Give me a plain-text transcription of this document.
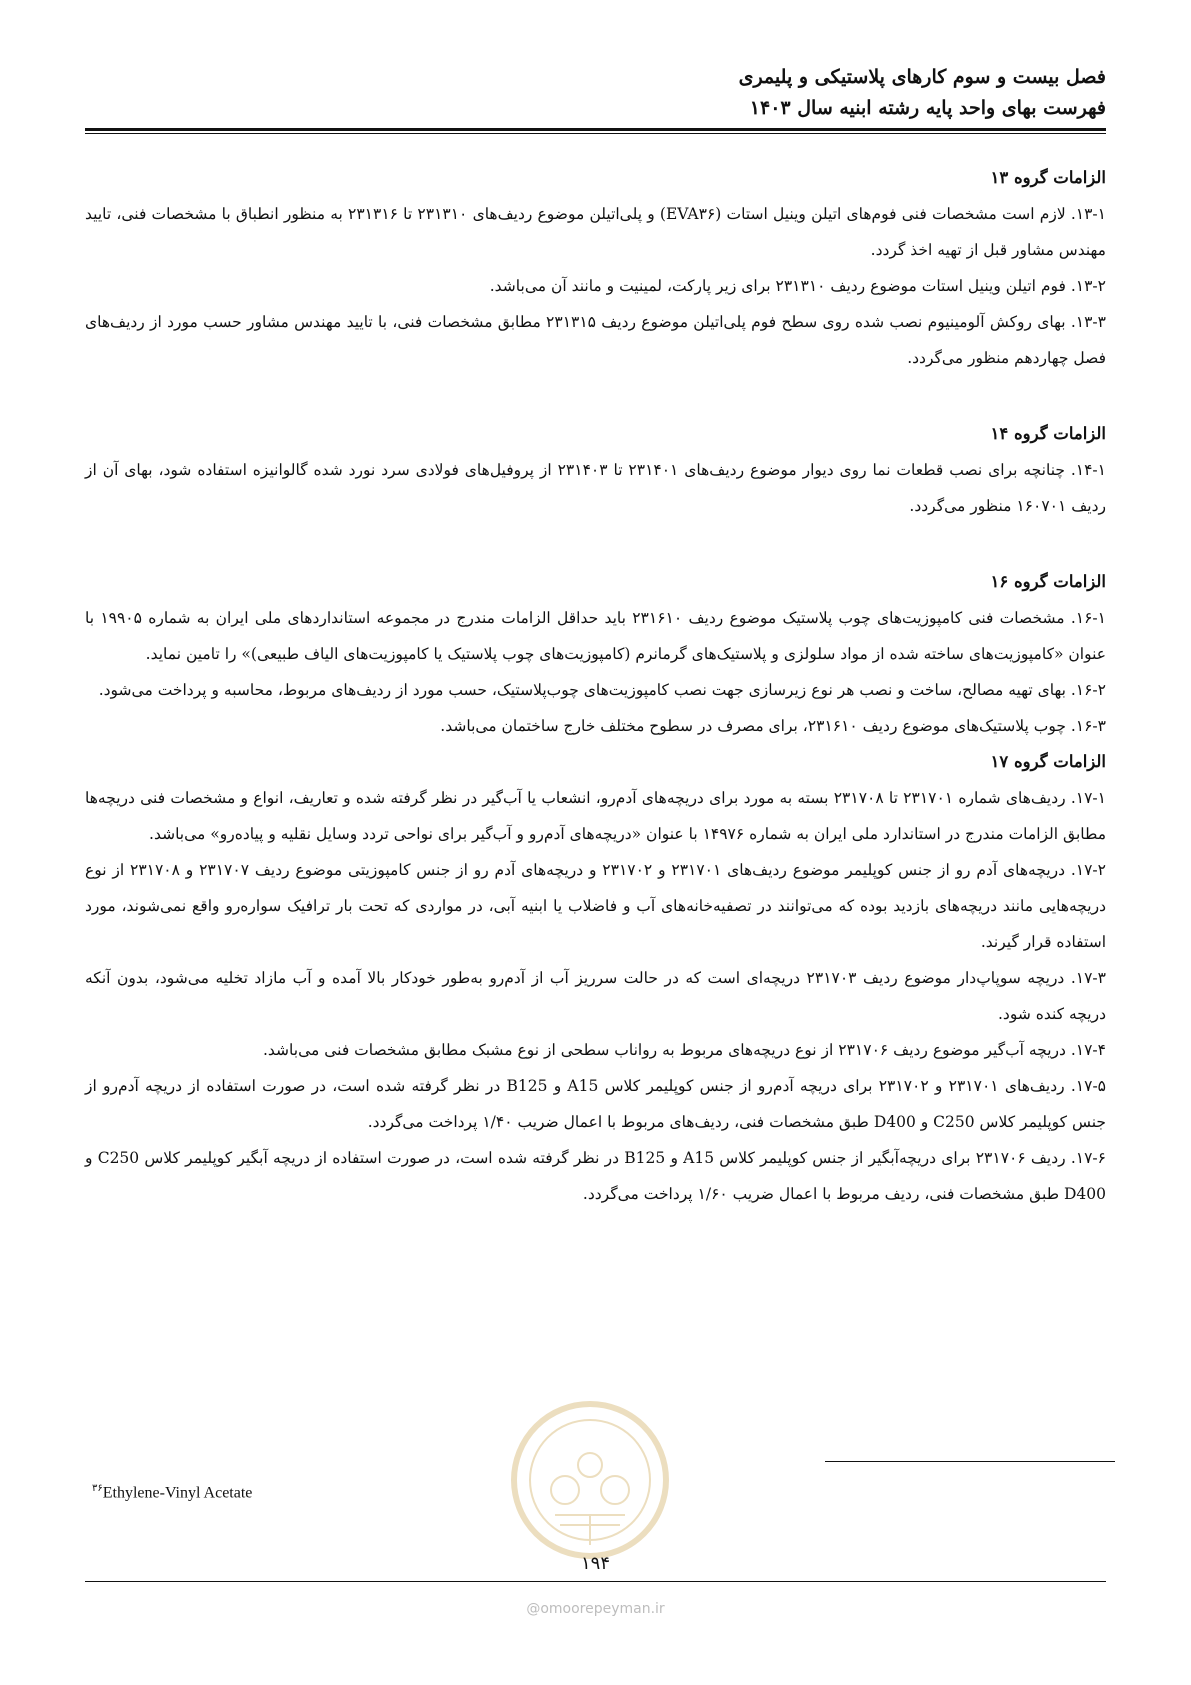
فصل بیست و سوم کارهای پلاستیکی و پلیمری
فهرست بهای واحد پایه رشته ابنیه سال ۱۴۰۳

الزامات گروه ۱۳

۱۳-۱. لازم است مشخصات فنی فوم‌های اتیلن وینیل استات (EVA۳۶) و پلی‌اتیلن موضوع ردیف‌های ۲۳۱۳۱۰ تا ۲۳۱۳۱۶ به منظور انطباق با مشخصات فنی، تایید مهندس مشاور قبل از تهیه اخذ گردد.

۱۳-۲. فوم اتیلن وینیل استات موضوع ردیف ۲۳۱۳۱۰ برای زیر پارکت، لمینیت و مانند آن می‌باشد.

۱۳-۳. بهای روکش آلومینیوم نصب شده روی سطح فوم پلی‌اتیلن موضوع ردیف ۲۳۱۳۱۵ مطابق مشخصات فنی، با تایید مهندس مشاور حسب مورد از ردیف‌های فصل چهاردهم منظور می‌گردد.

الزامات گروه ۱۴

۱۴-۱. چنانچه برای نصب قطعات نما روی دیوار موضوع ردیف‌های ۲۳۱۴۰۱ تا ۲۳۱۴۰۳ از پروفیل‌های فولادی سرد نورد شده گالوانیزه استفاده شود، بهای آن از ردیف ۱۶۰۷۰۱ منظور می‌گردد.

الزامات گروه ۱۶

۱۶-۱. مشخصات فنی کامپوزیت‌های چوب پلاستیک موضوع ردیف ۲۳۱۶۱۰ باید حداقل الزامات مندرج در مجموعه استانداردهای ملی ایران به شماره ۱۹۹۰۵ با عنوان «کامپوزیت‌های ساخته شده از مواد سلولزی و پلاستیک‌های گرمانرم (کامپوزیت‌های چوب پلاستیک یا کامپوزیت‌های الیاف طبیعی)» را تامین نماید.

۱۶-۲. بهای تهیه مصالح، ساخت و نصب هر نوع زیرسازی جهت نصب کامپوزیت‌های چوب‌پلاستیک، حسب مورد از ردیف‌های مربوط، محاسبه و پرداخت می‌شود.

۱۶-۳. چوب پلاستیک‌های موضوع ردیف ۲۳۱۶۱۰، برای مصرف در سطوح مختلف خارج ساختمان می‌باشد.

الزامات گروه ۱۷

۱۷-۱. ردیف‌های شماره ۲۳۱۷۰۱ تا ۲۳۱۷۰۸ بسته به مورد برای دریچه‌های آدم‌رو، انشعاب یا آب‌گیر در نظر گرفته شده و تعاریف، انواع و مشخصات فنی دریچه‌ها مطابق الزامات مندرج در استاندارد ملی ایران به شماره ۱۴۹۷۶ با عنوان «دریچه‌های آدم‌رو و آب‌گیر برای نواحی تردد وسایل نقلیه و پیاده‌رو» می‌باشد.

۱۷-۲. دریچه‌های آدم رو از جنس کوپلیمر موضوع ردیف‌های ۲۳۱۷۰۱ و ۲۳۱۷۰۲ و دریچه‌های آدم رو از جنس کامپوزیتی موضوع ردیف ۲۳۱۷۰۷ و ۲۳۱۷۰۸ از نوع دریچه‌هایی مانند دریچه‌های بازدید بوده که می‌توانند در تصفیه‌خانه‌های آب و فاضلاب یا ابنیه آبی، در مواردی که تحت بار ترافیک سواره‌رو واقع نمی‌شوند، مورد استفاده قرار گیرند.

۱۷-۳. دریچه سوپاپ‌دار موضوع ردیف ۲۳۱۷۰۳ دریچه‌ای است که در حالت سرریز آب از آدم‌رو به‌طور خودکار بالا آمده و آب مازاد تخلیه می‌شود، بدون آنکه دریچه کنده شود.

۱۷-۴. دریچه آب‌گیر موضوع ردیف ۲۳۱۷۰۶ از نوع دریچه‌های مربوط به رواناب سطحی از نوع مشبک مطابق مشخصات فنی می‌باشد.

۱۷-۵. ردیف‌های ۲۳۱۷۰۱ و ۲۳۱۷۰۲ برای دریچه آدم‌رو از جنس کوپلیمر کلاس A15 و B125 در نظر گرفته شده است، در صورت استفاده از دریچه آدم‌رو از جنس کوپلیمر کلاس C250 و D400 طبق مشخصات فنی، ردیف‌های مربوط با اعمال ضریب ۱/۴۰ پرداخت می‌گردد.

۱۷-۶. ردیف ۲۳۱۷۰۶ برای دریچه‌آبگیر از جنس کوپلیمر کلاس A15 و B125 در نظر گرفته شده است، در صورت استفاده از دریچه آبگیر کوپلیمر کلاس C250 و D400 طبق مشخصات فنی، ردیف مربوط با اعمال ضریب ۱/۶۰ پرداخت می‌گردد.

$^{۳۶}$Ethylene-Vinyl Acetate
۱۹۴
@omoorepeyman.ir
